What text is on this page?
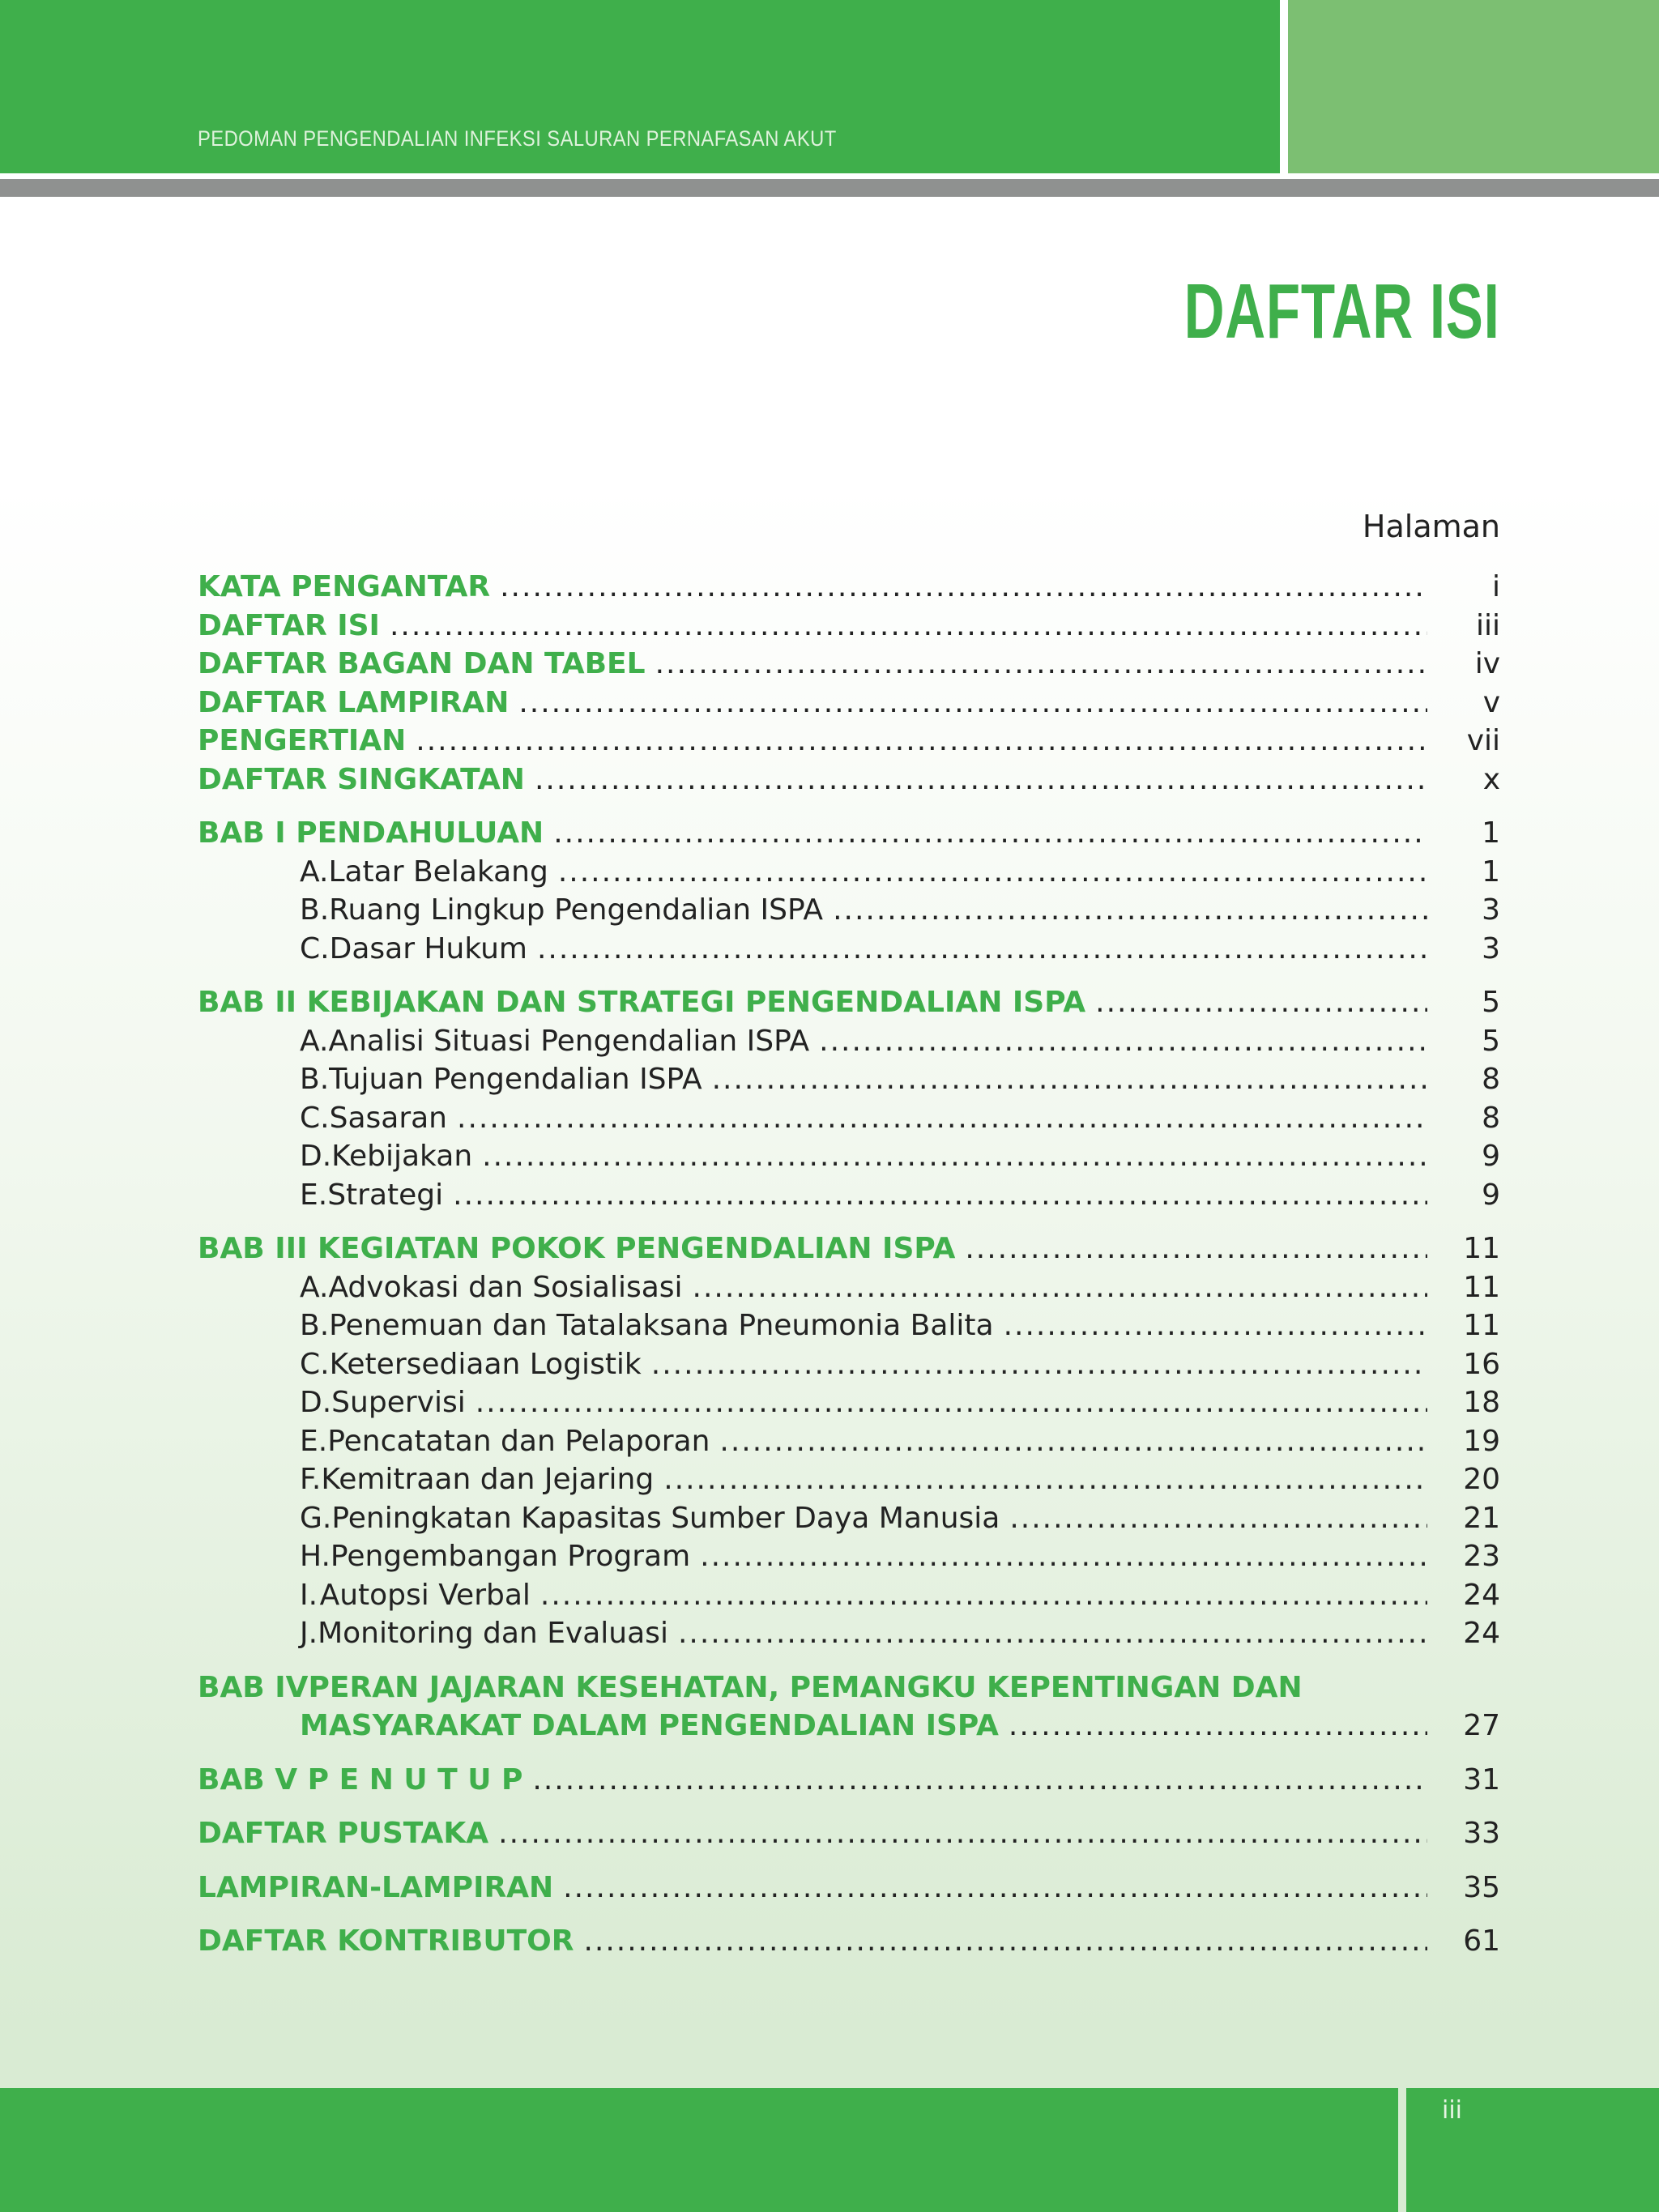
PEDOMAN PENGENDALIAN INFEKSI SALURAN PERNAFASAN AKUT
DAFTAR ISI
Halaman
KATA PENGANTAR .....	i
DAFTAR ISI .....	iii
DAFTAR BAGAN DAN TABEL .....	iv
DAFTAR LAMPIRAN .....	v
PENGERTIAN .....	vii
DAFTAR SINGKATAN .....	x
BAB I PENDAHULUAN .....	1
A. Latar Belakang .....	1
B. Ruang Lingkup Pengendalian ISPA .....	3
C. Dasar Hukum .....	3
BAB II KEBIJAKAN DAN STRATEGI PENGENDALIAN ISPA .....	5
A. Analisi Situasi Pengendalian ISPA .....	5
B. Tujuan Pengendalian ISPA .....	8
C. Sasaran .....	8
D. Kebijakan .....	9
E. Strategi .....	9
BAB III KEGIATAN POKOK PENGENDALIAN ISPA .....	11
A. Advokasi dan Sosialisasi .....	11
B. Penemuan dan Tatalaksana Pneumonia Balita .....	11
C. Ketersediaan Logistik .....	16
D. Supervisi .....	18
E. Pencatatan dan Pelaporan .....	19
F. Kemitraan dan Jejaring .....	20
G. Peningkatan Kapasitas Sumber Daya Manusia .....	21
H. Pengembangan Program .....	23
I. Autopsi Verbal .....	24
J. Monitoring dan Evaluasi .....	24
BAB IVPERAN JAJARAN KESEHATAN, PEMANGKU KEPENTINGAN DAN
MASYARAKAT DALAM PENGENDALIAN ISPA .....	27
BAB V P E N U T U P .....	31
DAFTAR PUSTAKA .....	33
LAMPIRAN-LAMPIRAN .....	35
DAFTAR KONTRIBUTOR .....	61
iii
